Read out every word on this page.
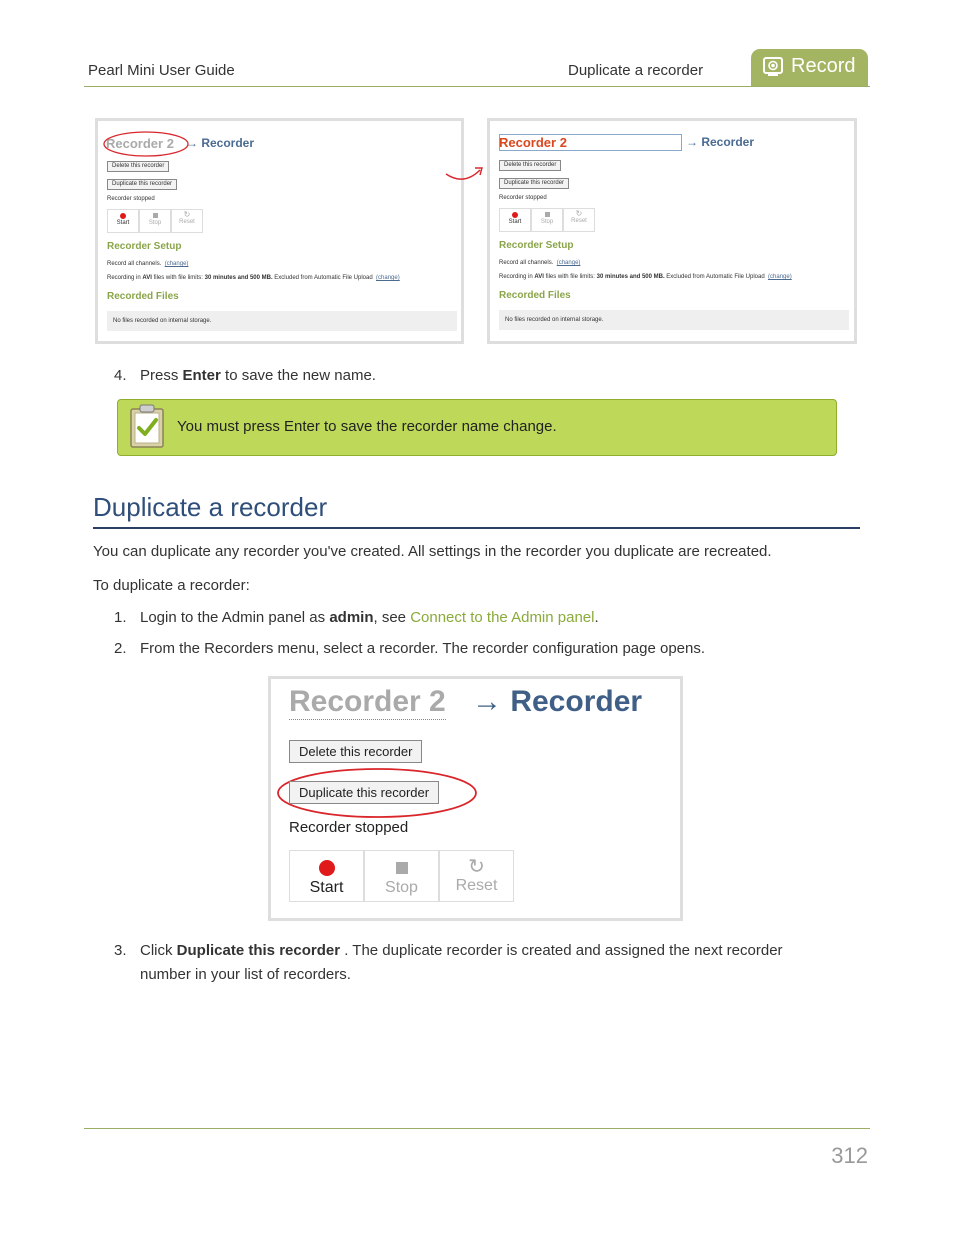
Pearl Mini User Guide	Duplicate a recorder	Record
Recorder 2 → Recorder
Delete this recorder
Duplicate this recorder
Recorder stopped
Start	Stop
↻
Reset
Recorder Setup
Record all channels. (change)
Recording in AVI files with file limits: 30 minutes and 500 MB. Excluded from Automatic File Upload (change)
Recorded Files
No files recorded on internal storage.
Recorder 2	→ Recorder
Delete this recorder
Duplicate this recorder
Recorder stopped
Start	Stop
↻
Reset
Recorder Setup
Record all channels. (change)
Recording in AVI files with file limits: 30 minutes and 500 MB. Excluded from Automatic File Upload (change)
Recorded Files
No files recorded on internal storage.
4. Press Enter to save the new name.
You must press Enter to save the recorder name change.
Duplicate a recorder
You can duplicate any recorder you've created. All settings in the recorder you duplicate are recreated.
To duplicate a recorder:
1. Login to the Admin panel as admin, see Connect to the Admin panel.
2. From the Recorders menu, select a recorder. The recorder configuration page opens.
Recorder 2 → Recorder
Delete this recorder
Duplicate this recorder
Recorder stopped
Start	Stop
↻
Reset
3. Click Duplicate this recorder . The duplicate recorder is created and assigned the next recorder
number in your list of recorders.
312
